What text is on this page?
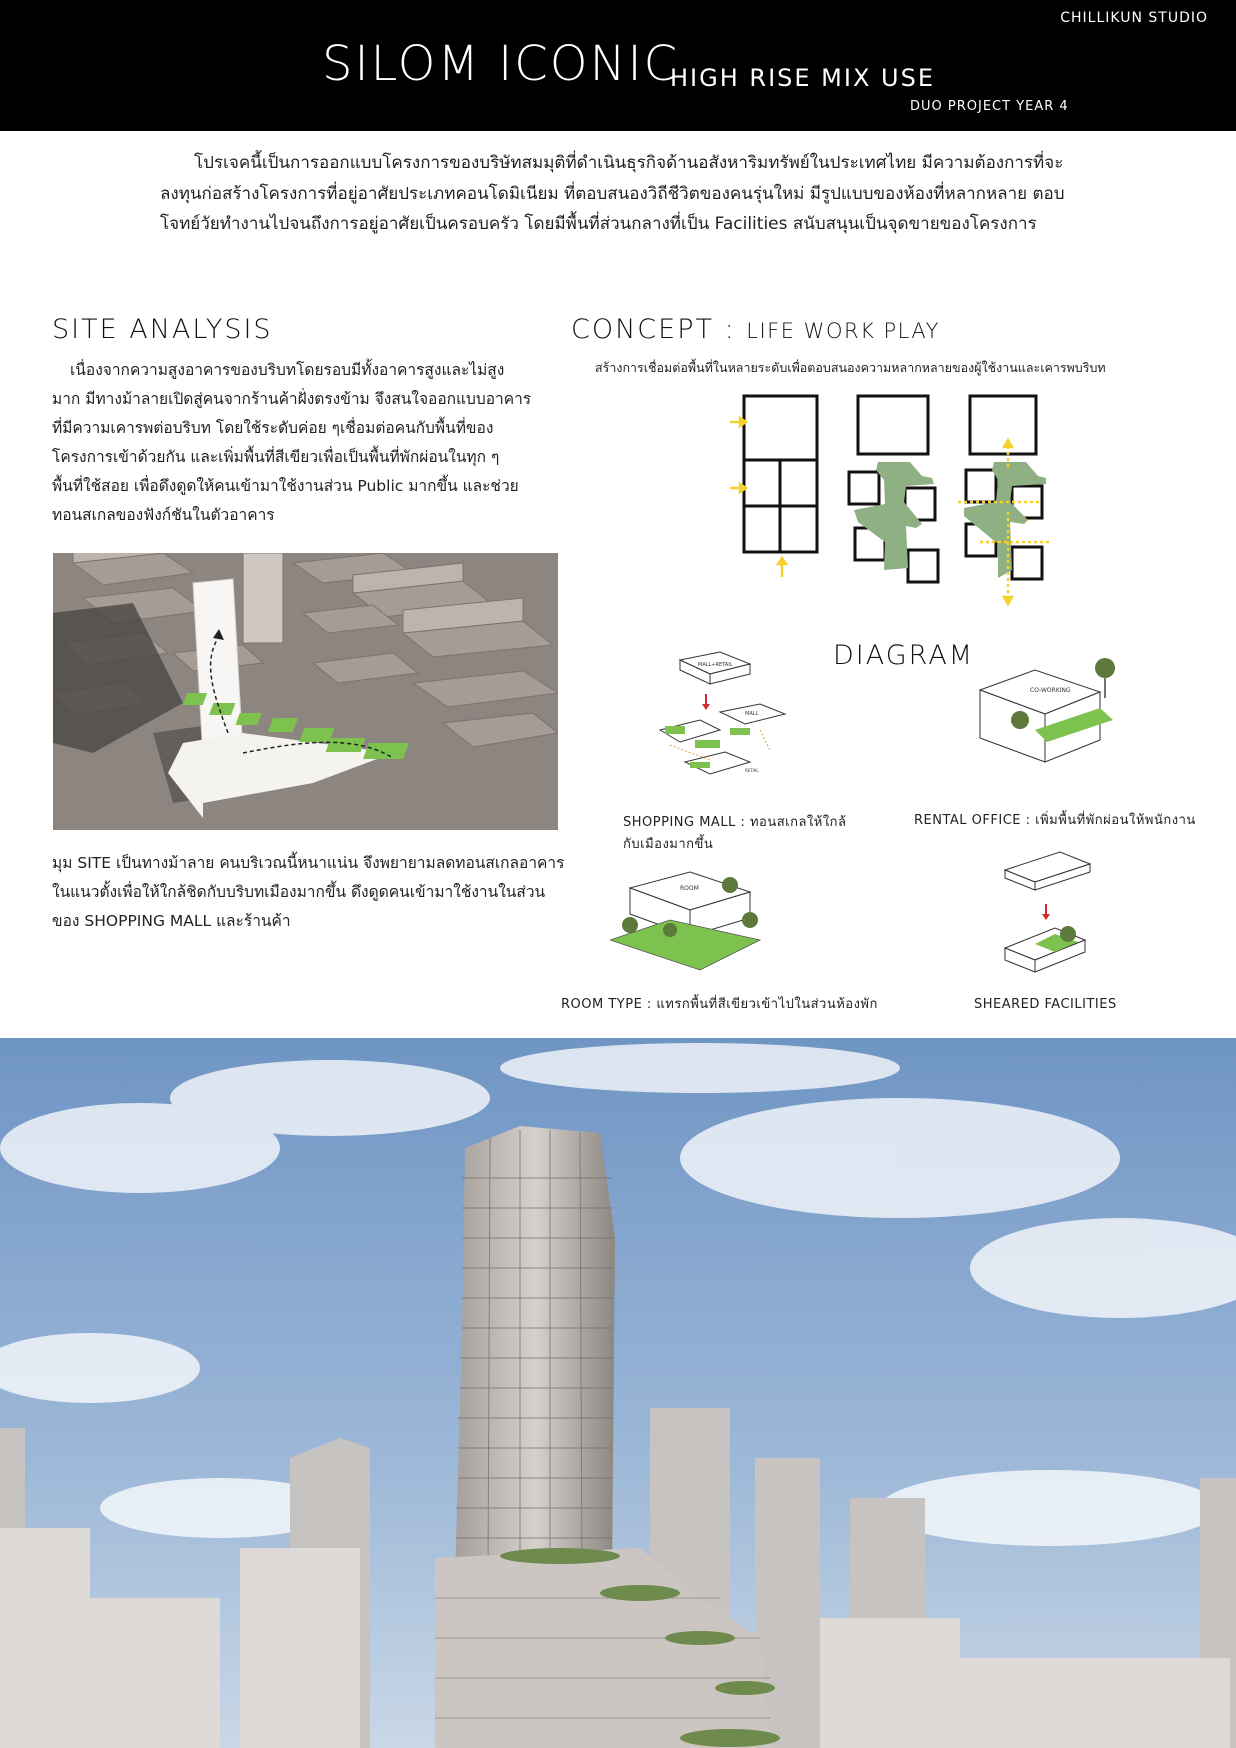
CHILLIKUN STUDIO
SILOM ICONIC
HIGH RISE MIX USE
DUO PROJECT YEAR 4

โปรเจคนี้เป็นการออกแบบโครงการของบริษัทสมมุติที่ดำเนินธุรกิจด้านอสังหาริมทรัพย์ในประเทศไทย มีความต้องการที่จะลงทุนก่อสร้างโครงการที่อยู่อาศัยประเภทคอนโดมิเนียม ที่ตอบสนองวิถีชีวิตของคนรุ่นใหม่ มีรูปแบบของห้องที่หลากหลาย ตอบโจทย์วัยทำงานไปจนถึงการอยู่อาศัยเป็นครอบครัว โดยมีพื้นที่ส่วนกลางที่เป็น Facilities สนับสนุนเป็นจุดขายของโครงการ

SITE ANALYSIS

เนื่องจากความสูงอาคารของบริบทโดยรอบมีทั้งอาคารสูงและไม่สูงมาก มีทางม้าลายเปิดสู่คนจากร้านค้าฝั่งตรงข้าม จึงสนใจออกแบบอาคารที่มีความเคารพต่อบริบท โดยใช้ระดับค่อย ๆเชื่อมต่อคนกับพื้นที่ของโครงการเข้าด้วยกัน และเพิ่มพื้นที่สีเขียวเพื่อเป็นพื้นที่พักผ่อนในทุก ๆ พื้นที่ใช้สอย เพื่อดึงดูดให้คนเข้ามาใช้งานส่วน Public มากขึ้น และช่วยทอนสเกลของฟังก์ชันในตัวอาคาร

มุม SITE เป็นทางม้าลาย คนบริเวณนี้หนาแน่น จึงพยายามลดทอนสเกลอาคารในแนวตั้งเพื่อให้ใกล้ชิดกับบริบทเมืองมากขึ้น ดึงดูดคนเข้ามาใช้งานในส่วนของ SHOPPING MALL และร้านค้า
CONCEPT : LIFE WORK PLAY
สร้างการเชื่อมต่อพื้นที่ในหลายระดับเพื่อตอบสนองความหลากหลายของผู้ใช้งานและเคารพบริบท
DIAGRAM
MALL+RETAIL
MALL
RETAIL
CO-WORKING
ROOM
SHOPPING MALL : ทอนสเกลให้ใกล้กับเมืองมากขึ้น
RENTAL OFFICE : เพิ่มพื้นที่พักผ่อนให้พนักงาน
ROOM TYPE : แทรกพื้นที่สีเขียวเข้าไปในส่วนห้องพัก	SHEARED FACILITIES
